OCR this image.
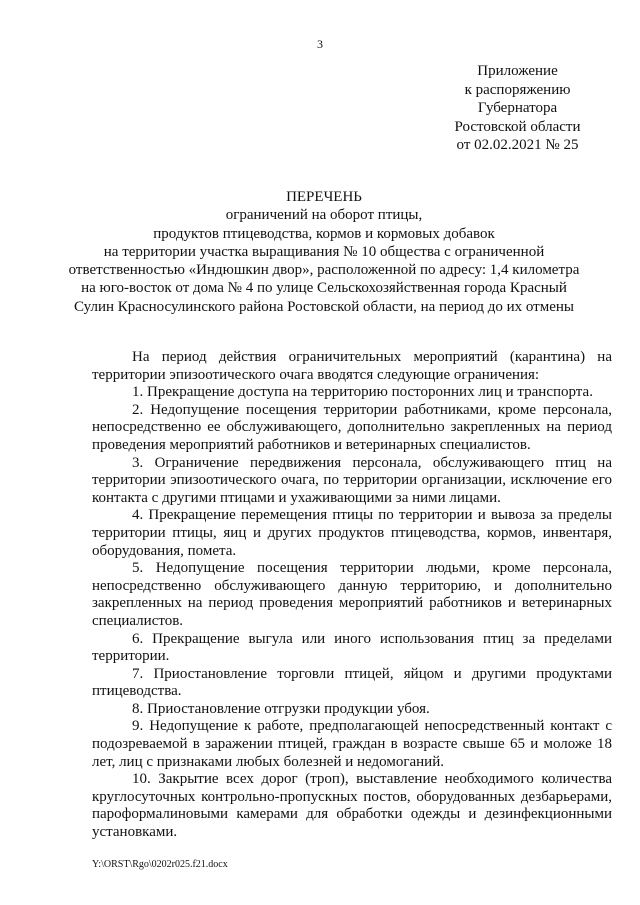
3
Приложение
к распоряжению
Губернатора
Ростовской области
от 02.02.2021 № 25
ПЕРЕЧЕНЬ
ограничений на оборот птицы,
продуктов птицеводства, кормов и кормовых добавок
на территории участка выращивания № 10 общества с ограниченной
ответственностью «Индюшкин двор», расположенной по адресу: 1,4 километра
на юго-восток от дома № 4 по улице Сельскохозяйственная города Красный
Сулин Красносулинского района Ростовской области, на период до их отмены

На период действия ограничительных мероприятий (карантина) на территории эпизоотического очага вводятся следующие ограничения:

1. Прекращение доступа на территорию посторонних лиц и транспорта.

2. Недопущение посещения территории работниками, кроме персонала, непосредственно ее обслуживающего, дополнительно закрепленных на период проведения мероприятий работников и ветеринарных специалистов.

3. Ограничение передвижения персонала, обслуживающего птиц на территории эпизоотического очага, по территории организации, исключение его контакта с другими птицами и ухаживающими за ними лицами.

4. Прекращение перемещения птицы по территории и вывоза за пределы территории птицы, яиц и других продуктов птицеводства, кормов, инвентаря, оборудования, помета.

5. Недопущение посещения территории людьми, кроме персонала, непосредственно обслуживающего данную территорию, и дополнительно закрепленных на период проведения мероприятий работников и ветеринарных специалистов.

6. Прекращение выгула или иного использования птиц за пределами территории.

7. Приостановление торговли птицей, яйцом и другими продуктами птицеводства.

8. Приостановление отгрузки продукции убоя.

9. Недопущение к работе, предполагающей непосредственный контакт с подозреваемой в заражении птицей, граждан в возрасте свыше 65 и моложе 18 лет, лиц с признаками любых болезней и недомоганий.

10. Закрытие всех дорог (троп), выставление необходимого количества круглосуточных контрольно-пропускных постов, оборудованных дезбарьерами, пароформалиновыми камерами для обработки одежды и дезинфекционными установками.

Y:\ORST\Rgo\0202r025.f21.docx
